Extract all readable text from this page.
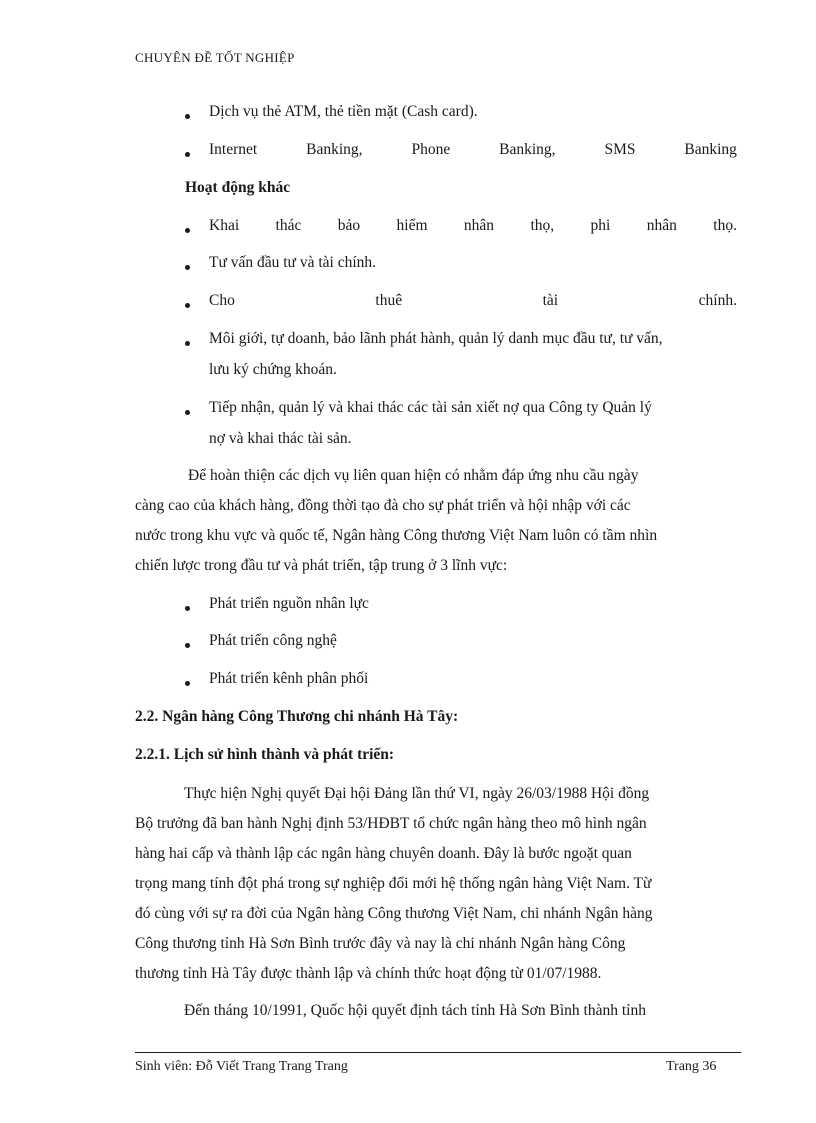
CHUYÊN ĐỀ TỐT NGHIỆP
Dịch vụ thẻ ATM, thẻ tiền mặt (Cash card).
Internet	Banking,	Phone	Banking,	SMS	Banking
Hoạt động khác
Khai thác bảo hiểm nhân thọ, phi nhân thọ.
Tư vấn đầu tư và tài chính.
Cho	thuê	tài	chính.
Môi giới, tự doanh, bảo lãnh phát hành, quản lý danh mục đầu tư, tư vấn,
lưu ký chứng khoán.
Tiếp nhận, quản lý và khai thác các tài sản xiết nợ qua Công ty Quản lý
nợ và khai thác tài sản.
Để hoàn thiện các dịch vụ liên quan hiện có nhằm đáp ứng nhu cầu ngày
càng cao của khách hàng, đồng thời tạo đà cho sự phát triển và hội nhập với các
nước trong khu vực và quốc tế, Ngân hàng Công thương Việt Nam luôn có tầm nhìn
chiến lược trong đầu tư và phát triển, tập trung ở 3 lĩnh vực:
Phát triển nguồn nhân lực
Phát triển công nghệ
Phát triển kênh phân phối
2.2. Ngân hàng Công Thương chi nhánh Hà Tây:
2.2.1. Lịch sử hình thành và phát triển:
Thực hiện Nghị quyết Đại hội Đảng lần thứ VI, ngày 26/03/1988 Hội đồng
Bộ trưởng đã ban hành Nghị định 53/HĐBT tổ chức ngân hàng theo mô hình ngân
hàng hai cấp và thành lập các ngân hàng chuyên doanh. Đây là bước ngoặt quan
trọng mang tính đột phá trong sự nghiệp đổi mới hệ thống ngân hàng Việt Nam. Từ
đó cùng với sự ra đời của Ngân hàng Công thương Việt Nam, chi nhánh Ngân hàng
Công thương tỉnh Hà Sơn Bình trước đây và nay là chi nhánh Ngân hàng Công
thương tỉnh Hà Tây được thành lập và chính thức hoạt động từ 01/07/1988.
Đến tháng 10/1991, Quốc hội quyết định tách tỉnh Hà Sơn Bình thành tỉnh
Sinh viên: Đỗ Viết Trang Trang Trang	Trang 36
